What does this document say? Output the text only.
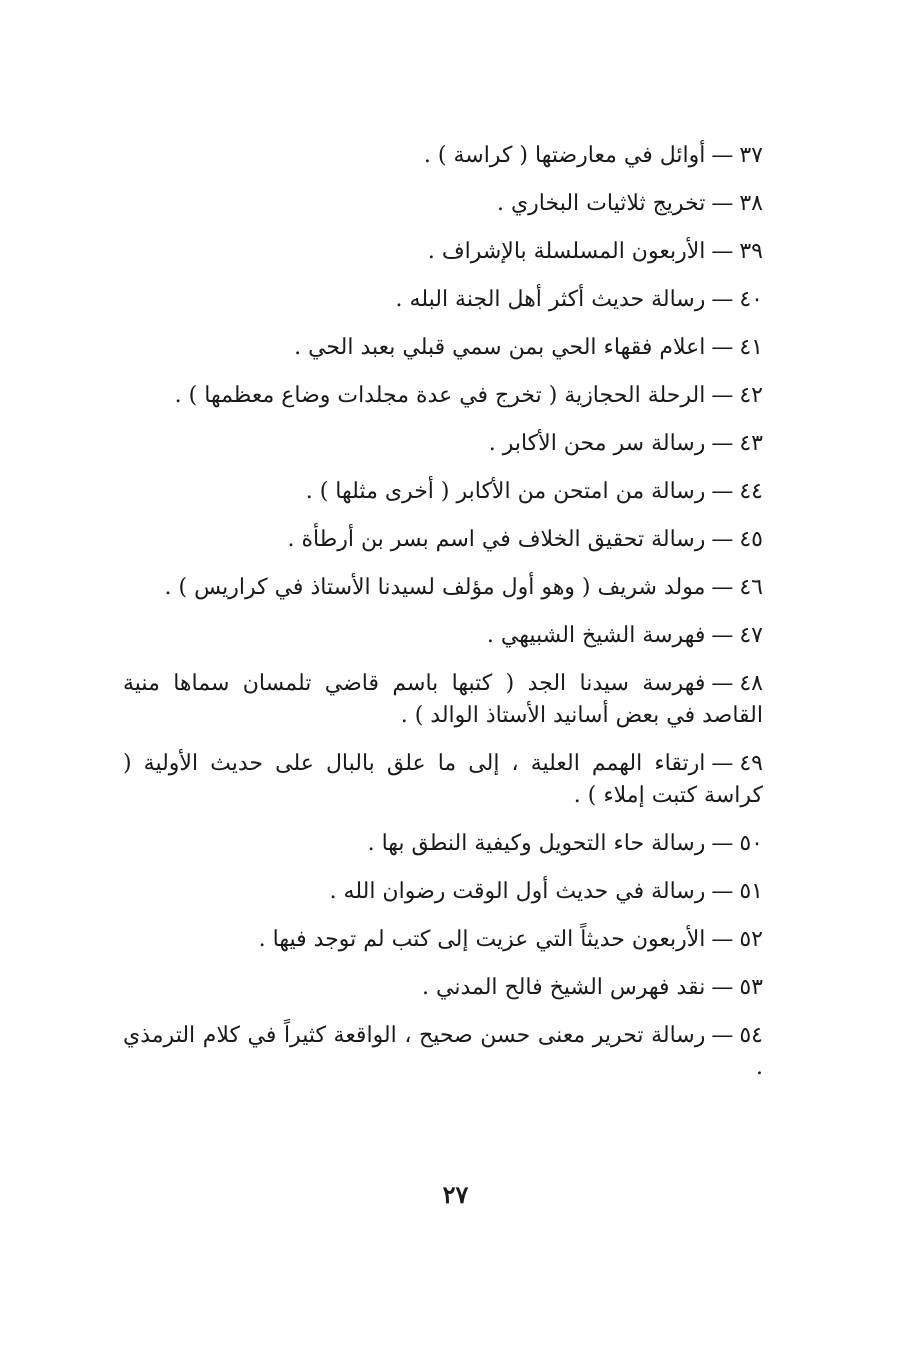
٣٧—أوائل في معارضتها ( كراسة ) .

٣٨—تخريج ثلاثيات البخاري .

٣٩—الأربعون المسلسلة بالإشراف .

٤٠—رسالة حديث أكثر أهل الجنة البله .

٤١—اعلام فقهاء الحي بمن سمي قبلي بعبد الحي .

٤٢—الرحلة الحجازية ( تخرج في عدة مجلدات وضاع معظمها ) .

٤٣—رسالة سر محن الأكابر .

٤٤—رسالة من امتحن من الأكابر ( أخرى مثلها ) .

٤٥—رسالة تحقيق الخلاف في اسم بسر بن أرطأة .

٤٦—مولد شريف ( وهو أول مؤلف لسيدنا الأستاذ في كراريس ) .

٤٧—فهرسة الشيخ الشبيهي .

٤٨—فهرسة سيدنا الجد ( كتبها باسم قاضي تلمسان سماها منية القاصد في بعض أسانيد الأستاذ الوالد ) .

٤٩—ارتقاء الهمم العلية ، إلى ما علق بالبال على حديث الأولية ( كراسة كتبت إملاء ) .

٥٠—رسالة حاء التحويل وكيفية النطق بها .

٥١—رسالة في حديث أول الوقت رضوان الله .

٥٢—الأربعون حديثاً التي عزيت إلى كتب لم توجد فيها .

٥٣—نقد فهرس الشيخ فالح المدني .

٥٤—رسالة تحرير معنى حسن صحيح ، الواقعة كثيراً في كلام الترمذي .

٢٧
